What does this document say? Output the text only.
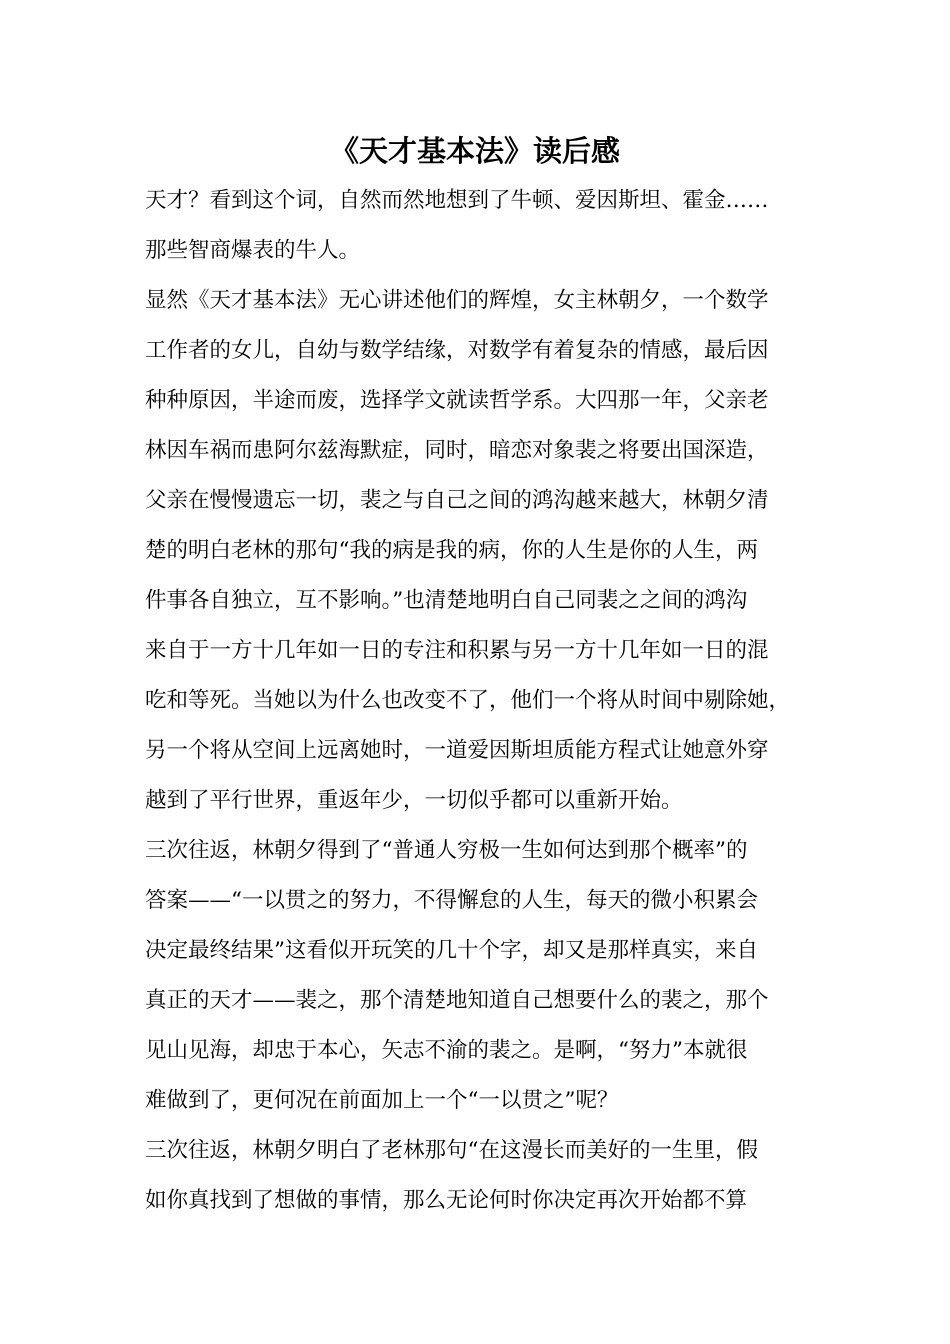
《天才基本法》读后感
天才？看到这个词，自然而然地想到了牛顿、爱因斯坦、霍金……
那些智商爆表的牛人。
显然《天才基本法》无心讲述他们的辉煌，女主林朝夕，一个数学
工作者的女儿，自幼与数学结缘，对数学有着复杂的情感，最后因
种种原因，半途而废，选择学文就读哲学系。大四那一年，父亲老
林因车祸而患阿尔兹海默症，同时，暗恋对象裴之将要出国深造，
父亲在慢慢遗忘一切，裴之与自己之间的鸿沟越来越大，林朝夕清
楚的明白老林的那句“我的病是我的病，你的人生是你的人生，两
件事各自独立，互不影响。”也清楚地明白自己同裴之之间的鸿沟
来自于一方十几年如一日的专注和积累与另一方十几年如一日的混
吃和等死。当她以为什么也改变不了，他们一个将从时间中剔除她，
另一个将从空间上远离她时，一道爱因斯坦质能方程式让她意外穿
越到了平行世界，重返年少，一切似乎都可以重新开始。
三次往返，林朝夕得到了“普通人穷极一生如何达到那个概率”的
答案——“一以贯之的努力，不得懈怠的人生，每天的微小积累会
决定最终结果”这看似开玩笑的几十个字，却又是那样真实，来自
真正的天才——裴之，那个清楚地知道自己想要什么的裴之，那个
见山见海，却忠于本心，矢志不渝的裴之。是啊，“努力”本就很
难做到了，更何况在前面加上一个“一以贯之”呢？
三次往返，林朝夕明白了老林那句“在这漫长而美好的一生里，假
如你真找到了想做的事情，那么无论何时你决定再次开始都不算
